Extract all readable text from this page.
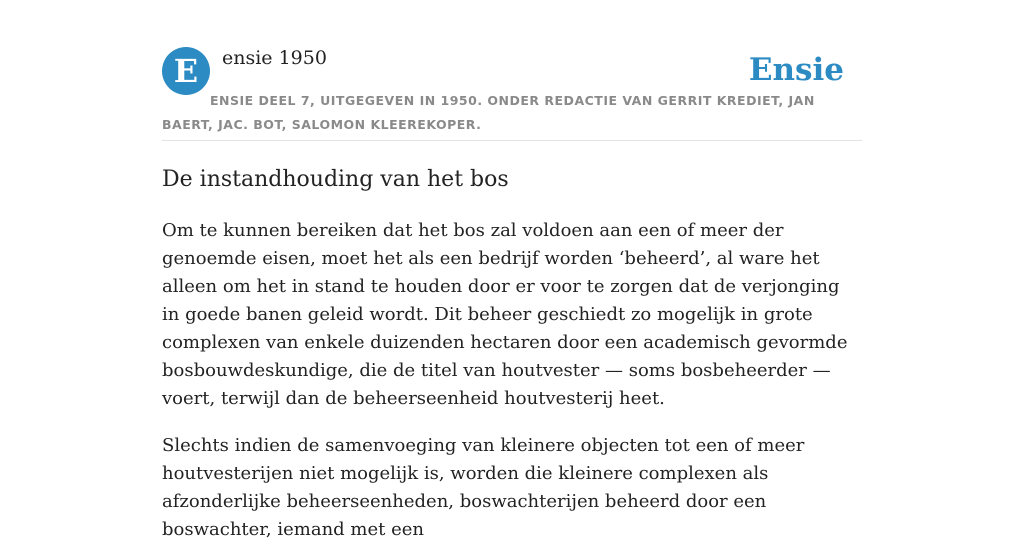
E	ensie 1950	Ensie
ENSIE DEEL 7, UITGEGEVEN IN 1950. ONDER REDACTIE VAN GERRIT KREDIET, JAN BAERT, JAC. BOT, SALOMON KLEEREKOPER.
De instandhouding van het bos

Om te kunnen bereiken dat het bos zal voldoen aan een of meer der genoemde eisen, moet het als een bedrijf worden ‘beheerd’, al ware het alleen om het in stand te houden door er voor te zorgen dat de verjonging in goede banen geleid wordt. Dit beheer geschiedt zo mogelijk in grote complexen van enkele duizenden hectaren door een academisch gevormde bosbouwdeskundige, die de titel van houtvester — soms bosbeheerder — voert, terwijl dan de beheerseenheid houtvesterij heet.

Slechts indien de samenvoeging van kleinere objecten tot een of meer houtvesterijen niet mogelijk is, worden die kleinere complexen als afzonderlijke beheerseenheden, boswachterijen beheerd door een boswachter, iemand met een
